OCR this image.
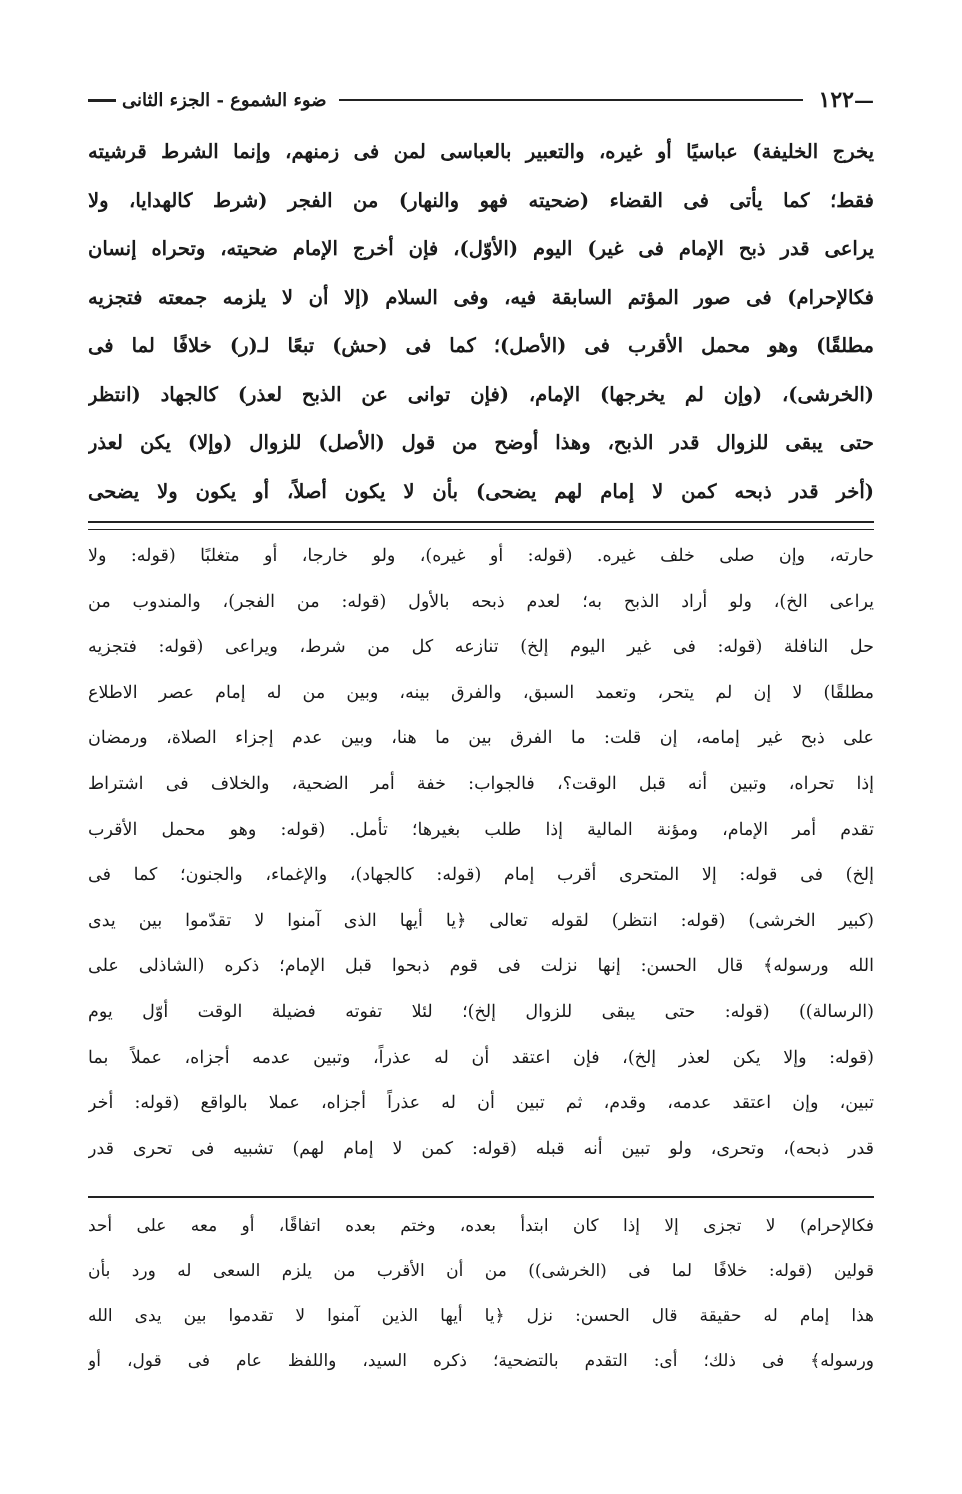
—
١٢٢
ضوء الشموع - الجزء الثانى
يخرج الخليفة) عباسيًا أو غيره، والتعبير بالعباسى لمن فى زمنهم، وإنما الشرط قرشيته
فقط؛ كما يأتى فى القضاء (ضحيته فهو والنهار) من الفجر (شرط كالهدايا، ولا
يراعى قدر ذبح الإمام فى غير) اليوم (الأوّل)، فإن أخرج الإمام ضحيته، وتحراه إنسان
فكالإحرام) فى صور المؤتم السابقة فيه، وفى السلام (إلا أن لا يلزمه جمعته فتجزيه
مطلقًا) وهو محمل الأقرب فى (الأصل)؛ كما فى (حش) تبعًا لـ(ر) خلافًا لما فى
(الخرشى)، (وإن لم يخرجها) الإمام، (فإن توانى عن الذبح لعذر) كالجهاد (انتظر
حتى يبقى للزوال قدر الذبح، وهذا أوضح من قول (الأصل) للزوال (وإلا) يكن لعذر
(أخر قدر ذبحه كمن لا إمام لهم يضحى) بأن لا يكون أصلاً، أو يكون ولا يضحى
حارته، وإن صلى خلف غيره. (قوله: أو غيره)، ولو خارجا، أو متغلبًا (قوله: ولا
يراعى الخ)، ولو أراد الذبح به؛ لعدم ذبحه بالأول (قوله: من الفجر)، والمندوب من
حل النافلة (قوله: فى غير اليوم إلخ) تنازعه كل من شرط، ويراعى (قوله: فتجزيه
مطلقًا) لا إن لم يتحر، وتعمد السبق، والفرق بينه، وبين من له إمام عصر الاطلاع
على ذبح غير إمامه، إن قلت: ما الفرق بين ما هنا، وبين عدم إجزاء الصلاة، ورمضان
إذا تحراه، وتبين أنه قبل الوقت؟، فالجواب: خفة أمر الضحية، والخلاف فى اشتراط
تقدم أمر الإمام، ومؤنة المالية إذا طلب بغيرها؛ تأمل. (قوله: وهو محمل الأقرب
إلخ) فى قوله: إلا المتحرى أقرب إمام (قوله: كالجهاد)، والإغماء، والجنون؛ كما فى
(كبير الخرشى) (قوله: انتظر) لقوله تعالى ﴿يا أيها الذى آمنوا لا تقدّموا بين يدى
الله ورسوله﴾ قال الحسن: إنها نزلت فى قوم ذبحوا قبل الإمام؛ ذكره (الشاذلى على
(الرسالة)) (قوله: حتى يبقى للزوال إلخ)؛ لئلا تفوته فضيلة الوقت أوّل يوم
(قوله: وإلا يكن لعذر إلخ)، فإن اعتقد أن له عذراً، وتبين عدمه أجزاه، عملاً بما
تبين، وإن اعتقد عدمه، وقدم، ثم تبين أن له عذراً أجزاه، عملا بالواقع (قوله: أخر
قدر ذبحه)، وتحرى، ولو تبين أنه قبله (قوله: كمن لا إمام لهم) تشبيه فى تحرى قدر
فكالإحرام) لا تجزى إلا إذا كان ابتدأ بعده، وختم بعده اتفاقًا، أو معه على أحد
قولين (قوله: خلافًا لما فى (الخرشى)) من أن الأقرب من يلزم السعى له ورد بأن
هذا إمام له حقيقة قال الحسن: نزل ﴿يا أيها الذين آمنوا لا تقدموا بين يدى الله
ورسوله﴾ فى ذلك؛ أى: التقدم بالتضحية؛ ذكره السيد، واللفظ عام فى قول، أو
